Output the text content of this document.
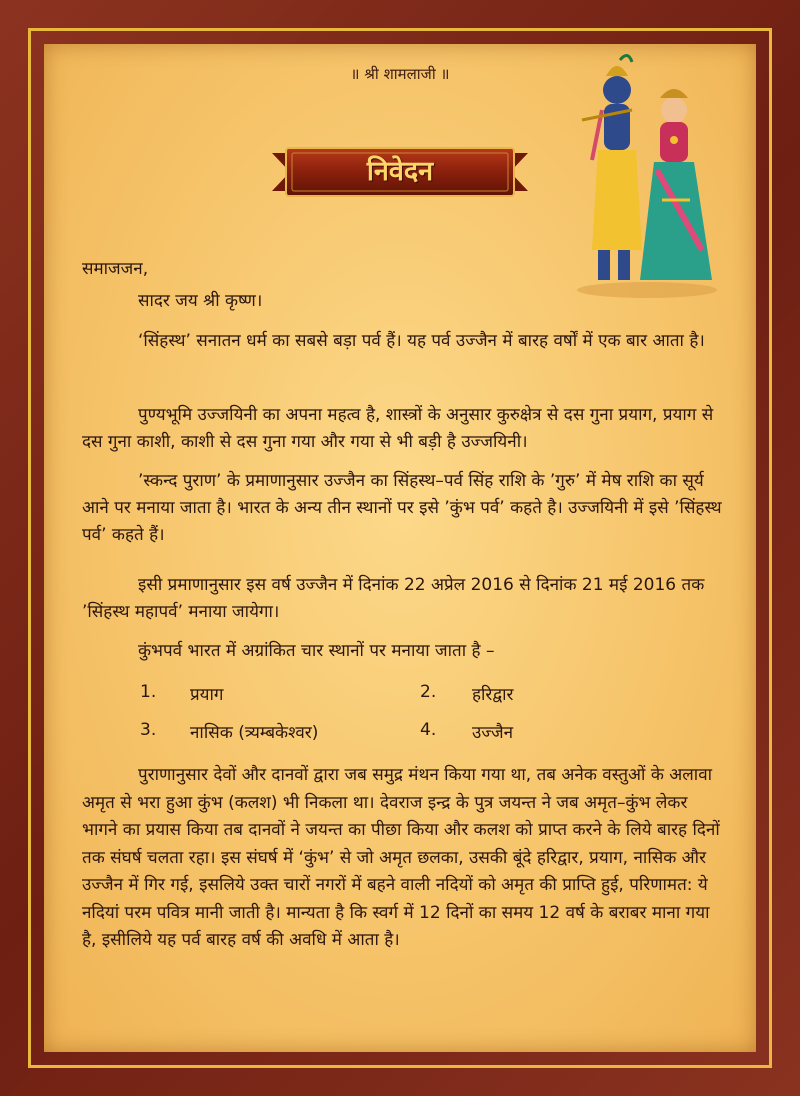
॥ श्री शामलाजी ॥
निवेदन
समाजजन,
सादर जय श्री कृष्ण।
‘सिंहस्थ’ सनातन धर्म का सबसे बड़ा पर्व हैं। यह पर्व उज्जैन में बारह वर्षों में एक बार आता है।
पुण्यभूमि उज्जयिनी का अपना महत्व है, शास्त्रों के अनुसार कुरुक्षेत्र से दस गुना प्रयाग, प्रयाग से दस गुना काशी, काशी से दस गुना गया और गया से भी बड़ी है उज्जयिनी।
’स्कन्द पुराण’ के प्रमाणानुसार उज्जैन का सिंहस्थ–पर्व सिंह राशि के ’गुरु’ में मेष राशि का सूर्य आने पर मनाया जाता है। भारत के अन्य तीन स्थानों पर इसे ’कुंभ पर्व’ कहते है। उज्जयिनी में इसे ’सिंहस्थ पर्व’ कहते हैं।
इसी प्रमाणानुसार इस वर्ष उज्जैन में दिनांक 22 अप्रेल 2016 से दिनांक 21 मई 2016 तक ’सिंहस्थ महापर्व’ मनाया जायेगा।
कुंभपर्व भारत में अग्रांकित चार स्थानों पर मनाया जाता है –
1. प्रयाग	2. हरिद्वार
3. नासिक (त्र्यम्बकेश्वर)	4. उज्जैन
पुराणानुसार देवों और दानवों द्वारा जब समुद्र मंथन किया गया था, तब अनेक वस्तुओं के अलावा अमृत से भरा हुआ कुंभ (कलश) भी निकला था। देवराज इन्द्र के पुत्र जयन्त ने जब अमृत–कुंभ लेकर भागने का प्रयास किया तब दानवों ने जयन्त का पीछा किया और कलश को प्राप्त करने के लिये बारह दिनों तक संघर्ष चलता रहा। इस संघर्ष में ‘कुंभ’ से जो अमृत छलका, उसकी बूंदे हरिद्वार, प्रयाग, नासिक और उज्जैन में गिर गई, इसलिये उक्त चारों नगरों में बहने वाली नदियों को अमृत की प्राप्ति हुई, परिणामत: ये नदियां परम पवित्र मानी जाती है। मान्यता है कि स्वर्ग में 12 दिनों का समय 12 वर्ष के बराबर माना गया है, इसीलिये यह पर्व बारह वर्ष की अवधि में आता है।
